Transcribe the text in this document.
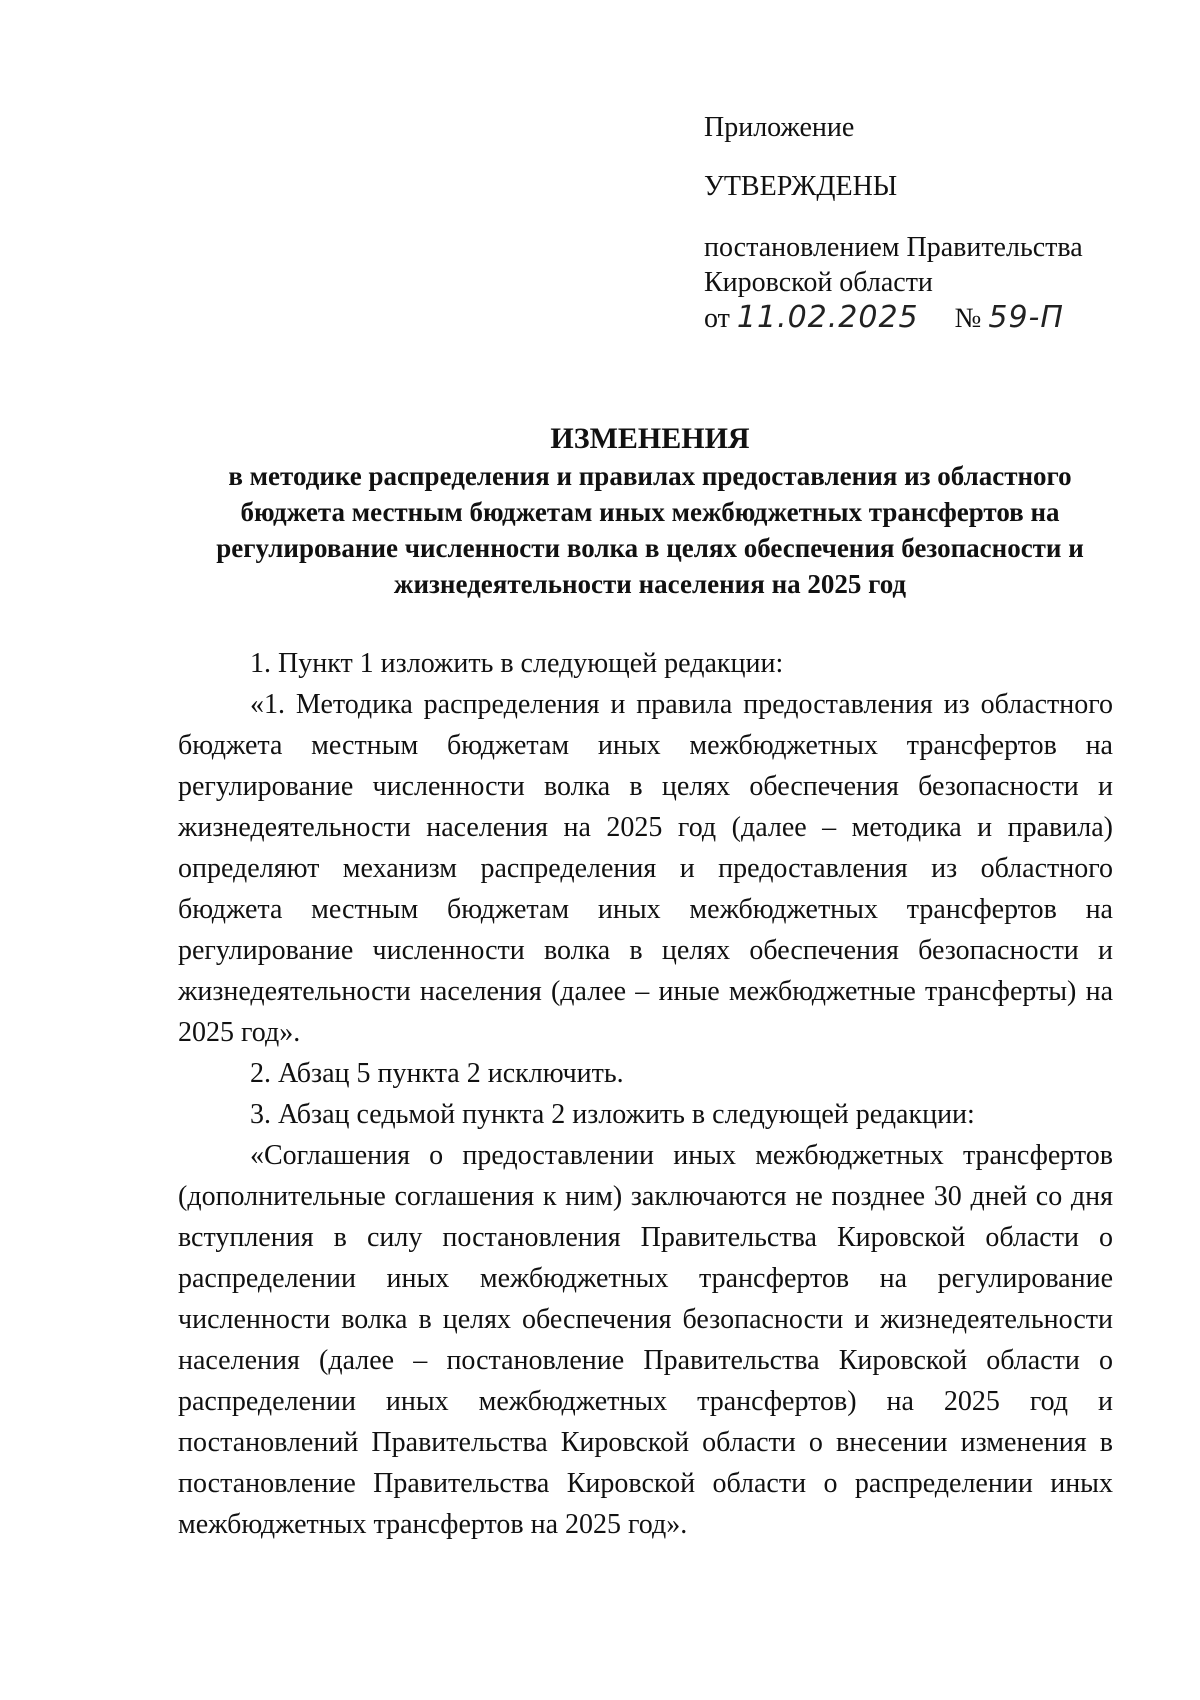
Приложение
УТВЕРЖДЕНЫ
постановлением Правительства
Кировской области
от 11.02.2025 № 59-П
ИЗМЕНЕНИЯ
в методике распределения и правилах предоставления из областного бюджета местным бюджетам иных межбюджетных трансфертов на регулирование численности волка в целях обеспечения безопасности и жизнедеятельности населения на 2025 год

1. Пункт 1 изложить в следующей редакции:

«1. Методика распределения и правила предоставления из областного бюджета местным бюджетам иных межбюджетных трансфертов на регулирование численности волка в целях обеспечения безопасности и жизнедеятельности населения на 2025 год (далее – методика и правила) определяют механизм распределения и предоставления из областного бюджета местным бюджетам иных межбюджетных трансфертов на регулирование численности волка в целях обеспечения безопасности и жизнедеятельности населения (далее – иные межбюджетные трансферты) на 2025 год».

2. Абзац 5 пункта 2 исключить.

3. Абзац седьмой пункта 2 изложить в следующей редакции:

«Соглашения о предоставлении иных межбюджетных трансфертов (дополнительные соглашения к ним) заключаются не позднее 30 дней со дня вступления в силу постановления Правительства Кировской области о распределении иных межбюджетных трансфертов на регулирование численности волка в целях обеспечения безопасности и жизнедеятельности населения (далее – постановление Правительства Кировской области о распределении иных межбюджетных трансфертов) на 2025 год и постановлений Правительства Кировской области о внесении изменения в постановление Правительства Кировской области о распределении иных межбюджетных трансфертов на 2025 год».
